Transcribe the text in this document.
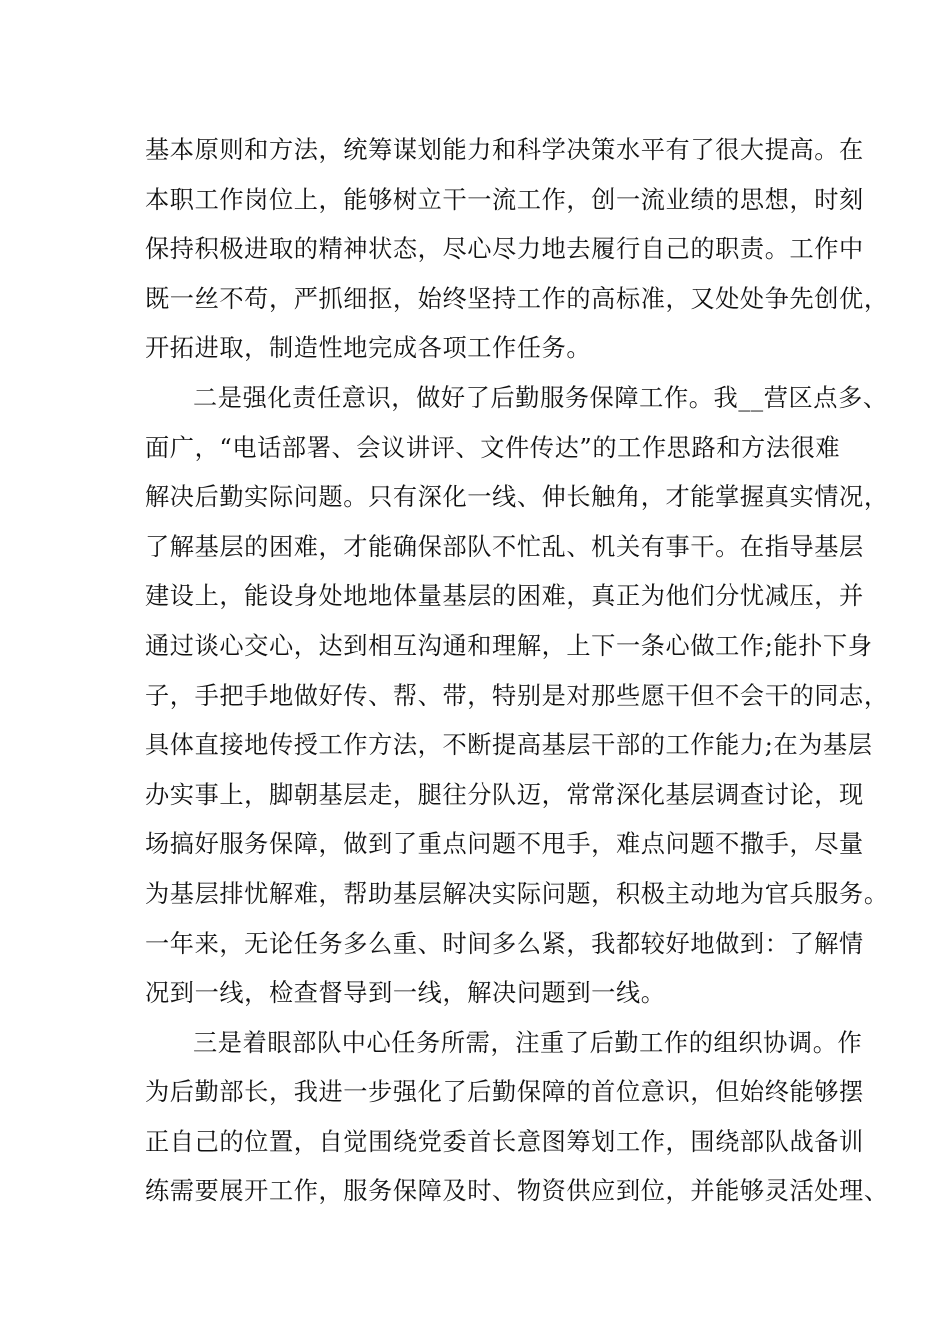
基本原则和方法，统筹谋划能力和科学决策水平有了很大提高。在
本职工作岗位上，能够树立干一流工作，创一流业绩的思想，时刻
保持积极进取的精神状态，尽心尽力地去履行自己的职责。工作中
既一丝不苟，严抓细抠，始终坚持工作的高标准，又处处争先创优，
开拓进取，制造性地完成各项工作任务。
二是强化责任意识，做好了后勤服务保障工作。我__营区点多、
面广，“电话部署、会议讲评、文件传达”的工作思路和方法很难
解决后勤实际问题。只有深化一线、伸长触角，才能掌握真实情况，
了解基层的困难，才能确保部队不忙乱、机关有事干。在指导基层
建设上，能设身处地地体量基层的困难，真正为他们分忧减压，并
通过谈心交心，达到相互沟通和理解，上下一条心做工作;能扑下身
子，手把手地做好传、帮、带，特别是对那些愿干但不会干的同志，
具体直接地传授工作方法，不断提高基层干部的工作能力;在为基层
办实事上，脚朝基层走，腿往分队迈，常常深化基层调查讨论，现
场搞好服务保障，做到了重点问题不甩手，难点问题不撒手，尽量
为基层排忧解难，帮助基层解决实际问题，积极主动地为官兵服务。
一年来，无论任务多么重、时间多么紧，我都较好地做到：了解情
况到一线，检查督导到一线，解决问题到一线。
三是着眼部队中心任务所需，注重了后勤工作的组织协调。作
为后勤部长，我进一步强化了后勤保障的首位意识，但始终能够摆
正自己的位置，自觉围绕党委首长意图筹划工作，围绕部队战备训
练需要展开工作，服务保障及时、物资供应到位，并能够灵活处理、
